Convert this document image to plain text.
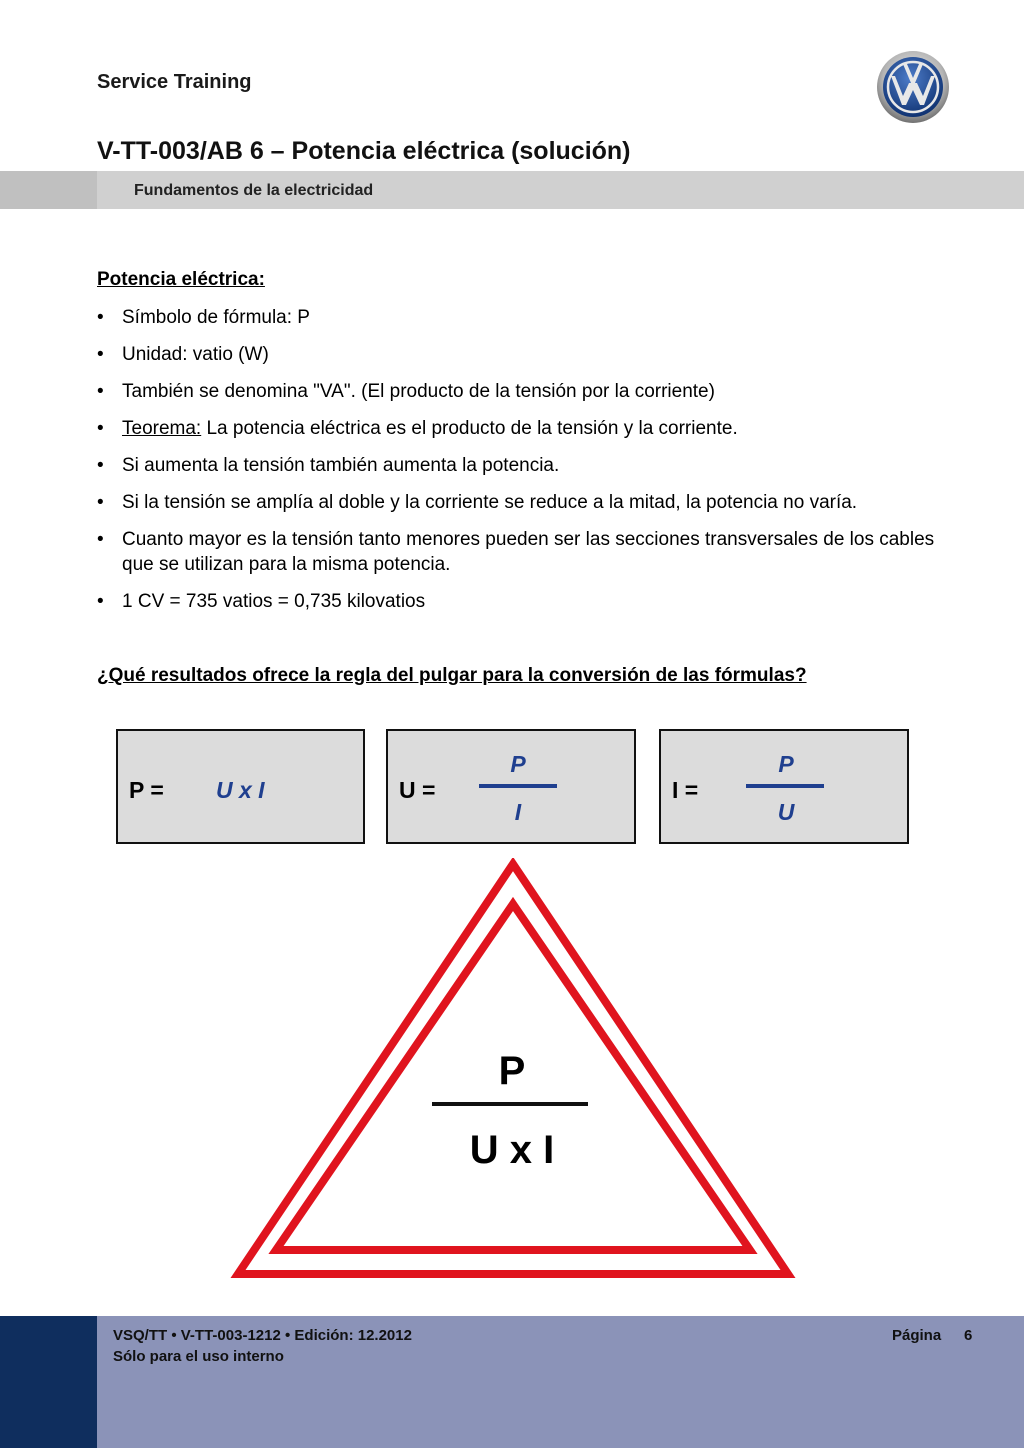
Service Training
V-TT-003/AB 6 – Potencia eléctrica (solución)
Fundamentos de la electricidad
Potencia eléctrica:
• Símbolo de fórmula: P
• Unidad: vatio (W)
• También se denomina "VA". (El producto de la tensión por la corriente)
• Teorema: La potencia eléctrica es el producto de la tensión y la corriente.
• Si aumenta la tensión también aumenta la potencia.
• Si la tensión se amplía al doble y la corriente se reduce a la mitad, la potencia no varía.
• Cuanto mayor es la tensión tanto menores pueden ser las secciones transversales de los cables que se utilizan para la misma potencia.
• 1 CV = 735 vatios = 0,735 kilovatios
¿Qué resultados ofrece la regla del pulgar para la conversión de las fórmulas?
P = U x I	U =
P
I
I =
P
U
P
U x I
VSQ/TT • V-TT-003-1212 • Edición: 12.2012
Sólo para el uso interno
Página 6
